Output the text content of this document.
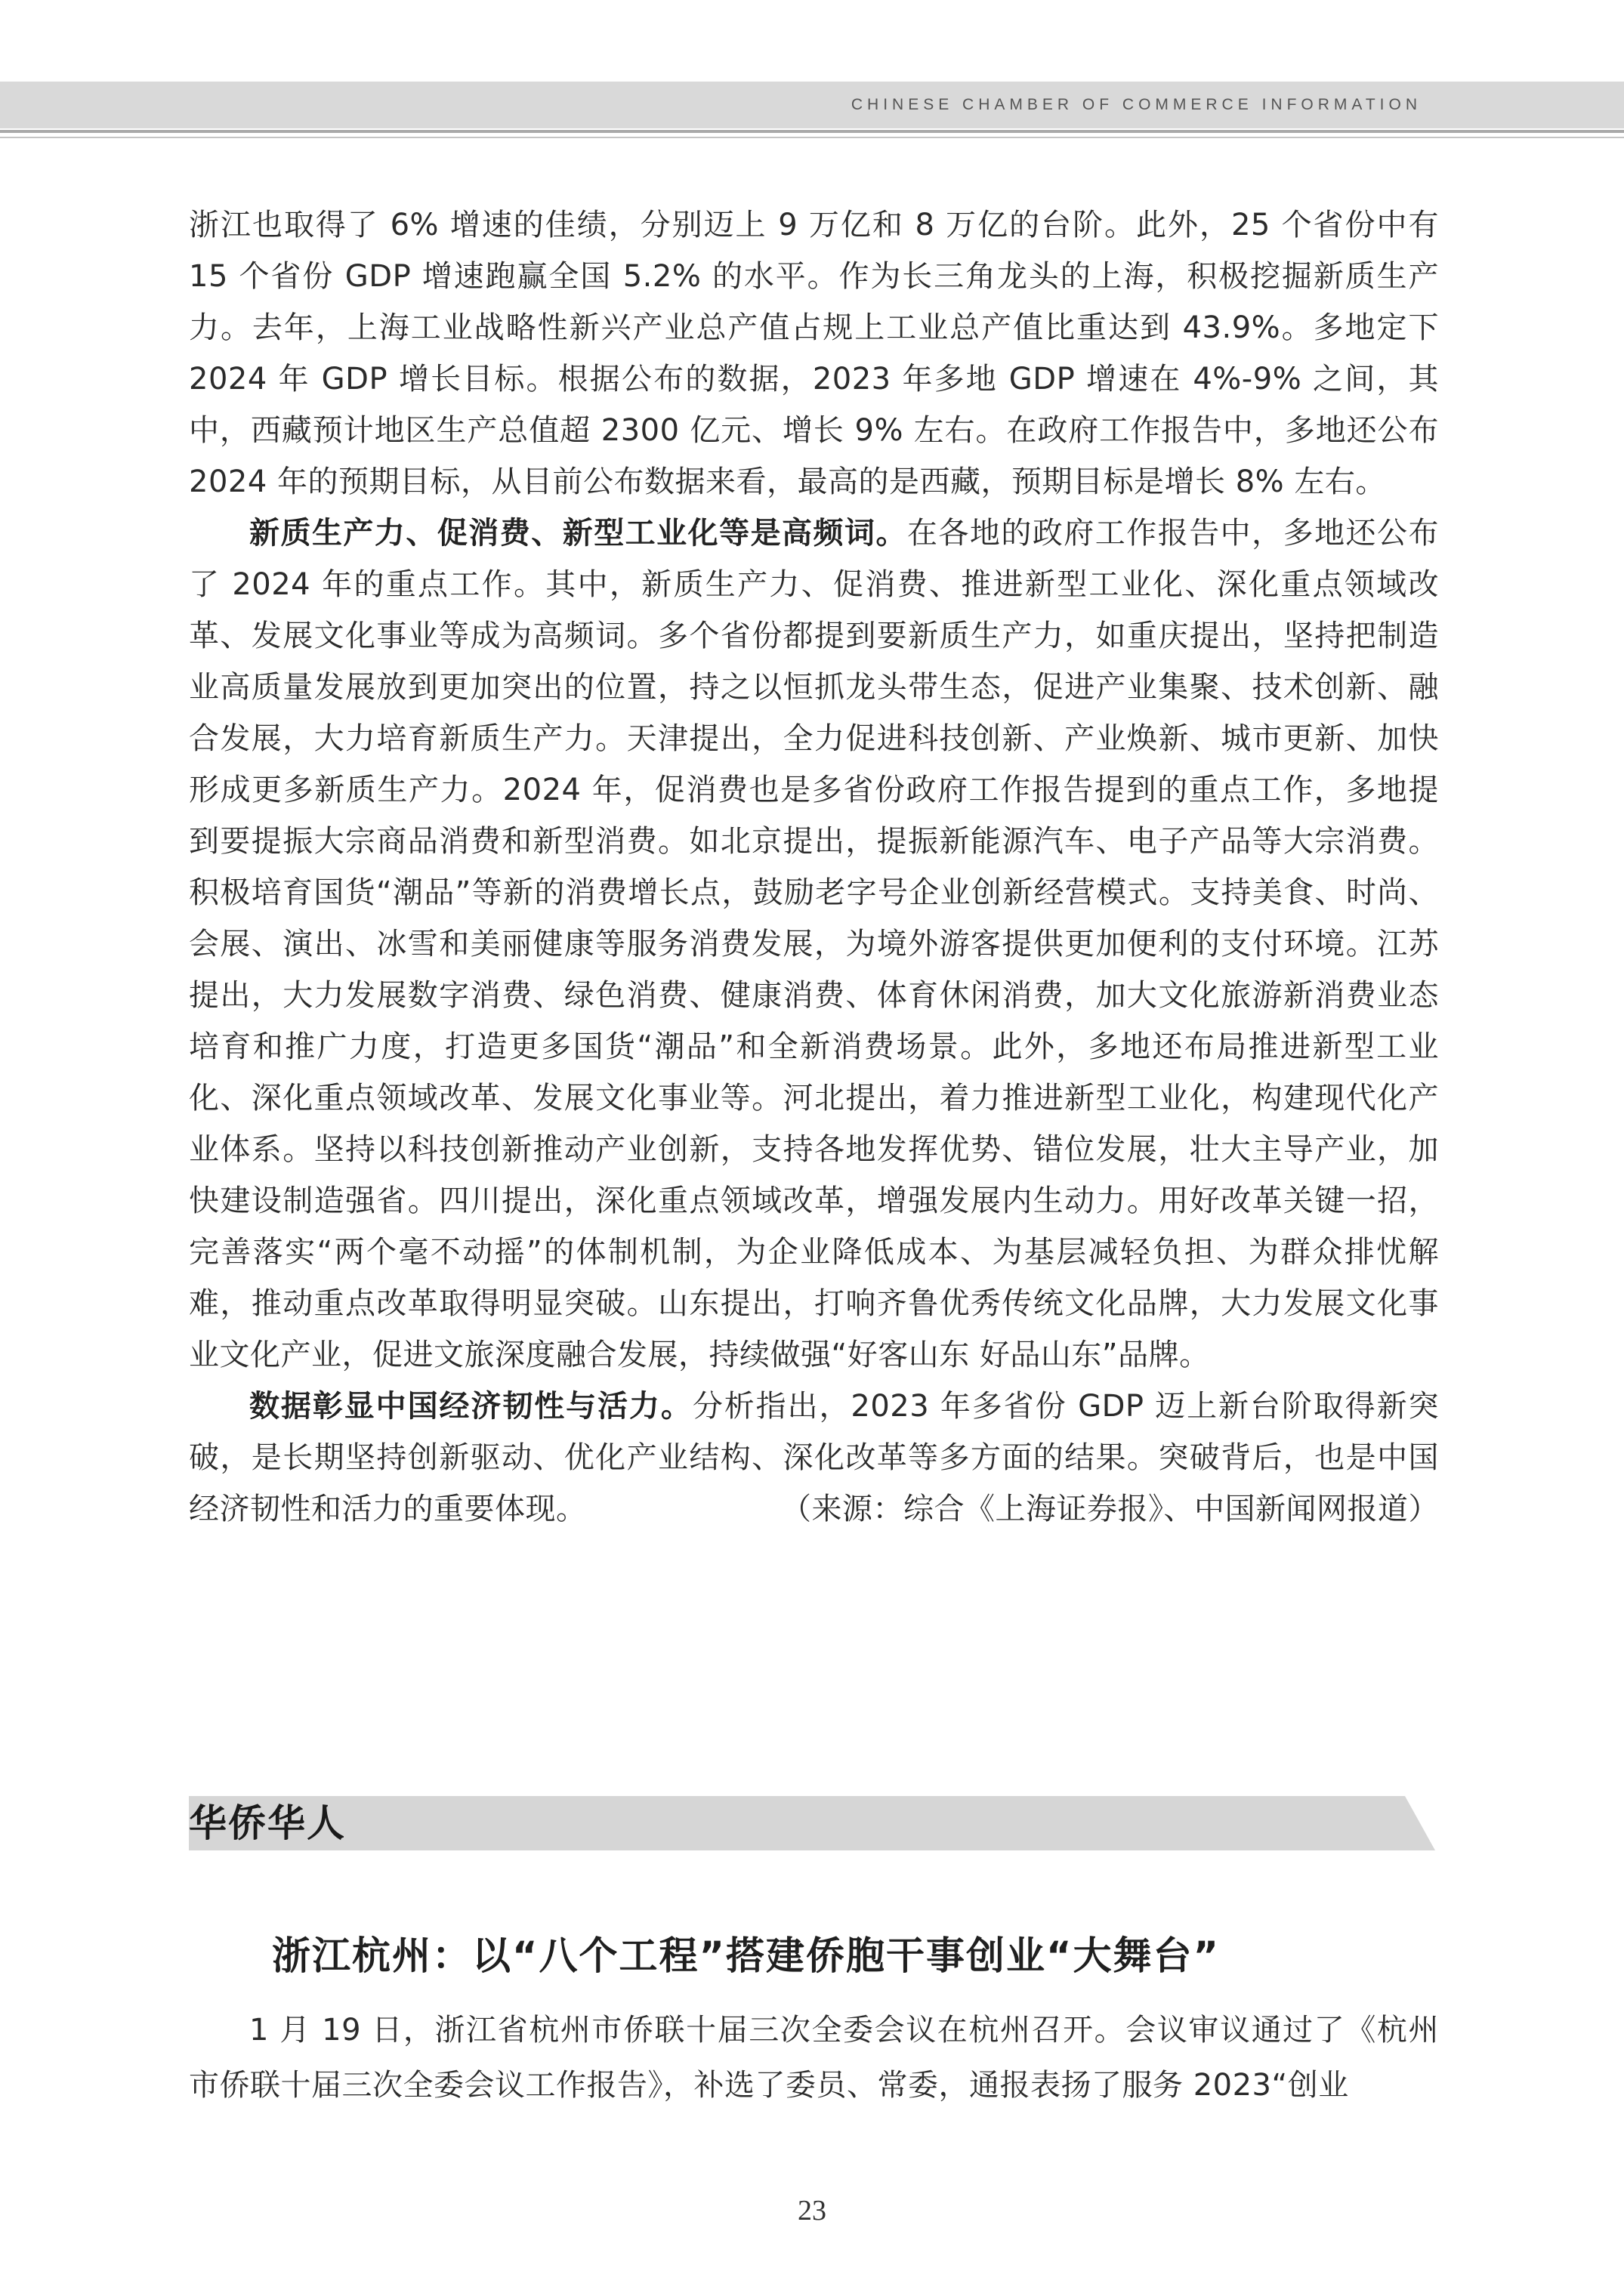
CHINESE CHAMBER OF COMMERCE INFORMATION

浙江也取得了 6% 增速的佳绩，分别迈上 9 万亿和 8 万亿的台阶。此外，25 个省份中有 15 个省份 GDP 增速跑赢全国 5.2% 的水平。作为长三角龙头的上海，积极挖掘新质生产力。去年，上海工业战略性新兴产业总产值占规上工业总产值比重达到 43.9%。多地定下 2024 年 GDP 增长目标。根据公布的数据，2023 年多地 GDP 增速在 4%-9% 之间，其中，西藏预计地区生产总值超 2300 亿元、增长 9% 左右。在政府工作报告中，多地还公布 2024 年的预期目标，从目前公布数据来看，最高的是西藏，预期目标是增长 8% 左右。

新质生产力、促消费、新型工业化等是高频词。在各地的政府工作报告中，多地还公布了 2024 年的重点工作。其中，新质生产力、促消费、推进新型工业化、深化重点领域改革、发展文化事业等成为高频词。多个省份都提到要新质生产力，如重庆提出，坚持把制造业高质量发展放到更加突出的位置，持之以恒抓龙头带生态，促进产业集聚、技术创新、融合发展，大力培育新质生产力。天津提出，全力促进科技创新、产业焕新、城市更新、加快形成更多新质生产力。2024 年，促消费也是多省份政府工作报告提到的重点工作，多地提到要提振大宗商品消费和新型消费。如北京提出，提振新能源汽车、电子产品等大宗消费。积极培育国货“潮品”等新的消费增长点，鼓励老字号企业创新经营模式。支持美食、时尚、会展、演出、冰雪和美丽健康等服务消费发展，为境外游客提供更加便利的支付环境。江苏提出，大力发展数字消费、绿色消费、健康消费、体育休闲消费，加大文化旅游新消费业态培育和推广力度，打造更多国货“潮品”和全新消费场景。此外，多地还布局推进新型工业化、深化重点领域改革、发展文化事业等。河北提出，着力推进新型工业化，构建现代化产业体系。坚持以科技创新推动产业创新，支持各地发挥优势、错位发展，壮大主导产业，加快建设制造强省。四川提出，深化重点领域改革，增强发展内生动力。用好改革关键一招，完善落实“两个毫不动摇”的体制机制，为企业降低成本、为基层减轻负担、为群众排忧解难，推动重点改革取得明显突破。山东提出，打响齐鲁优秀传统文化品牌，大力发展文化事业文化产业，促进文旅深度融合发展，持续做强“好客山东 好品山东”品牌。

数据彰显中国经济韧性与活力。分析指出，2023 年多省份 GDP 迈上新台阶取得新突破，是长期坚持创新驱动、优化产业结构、深化改革等多方面的结果。突破背后，也是中国经济韧性和活力的重要体现。	（来源：综合《上海证券报》、中国新闻网报道）

华侨华人
浙江杭州：以“八个工程”搭建侨胞干事创业“大舞台”

1 月 19 日，浙江省杭州市侨联十届三次全委会议在杭州召开。会议审议通过了《杭州市侨联十届三次全委会议工作报告》，补选了委员、常委，通报表扬了服务 2023“创业

23
